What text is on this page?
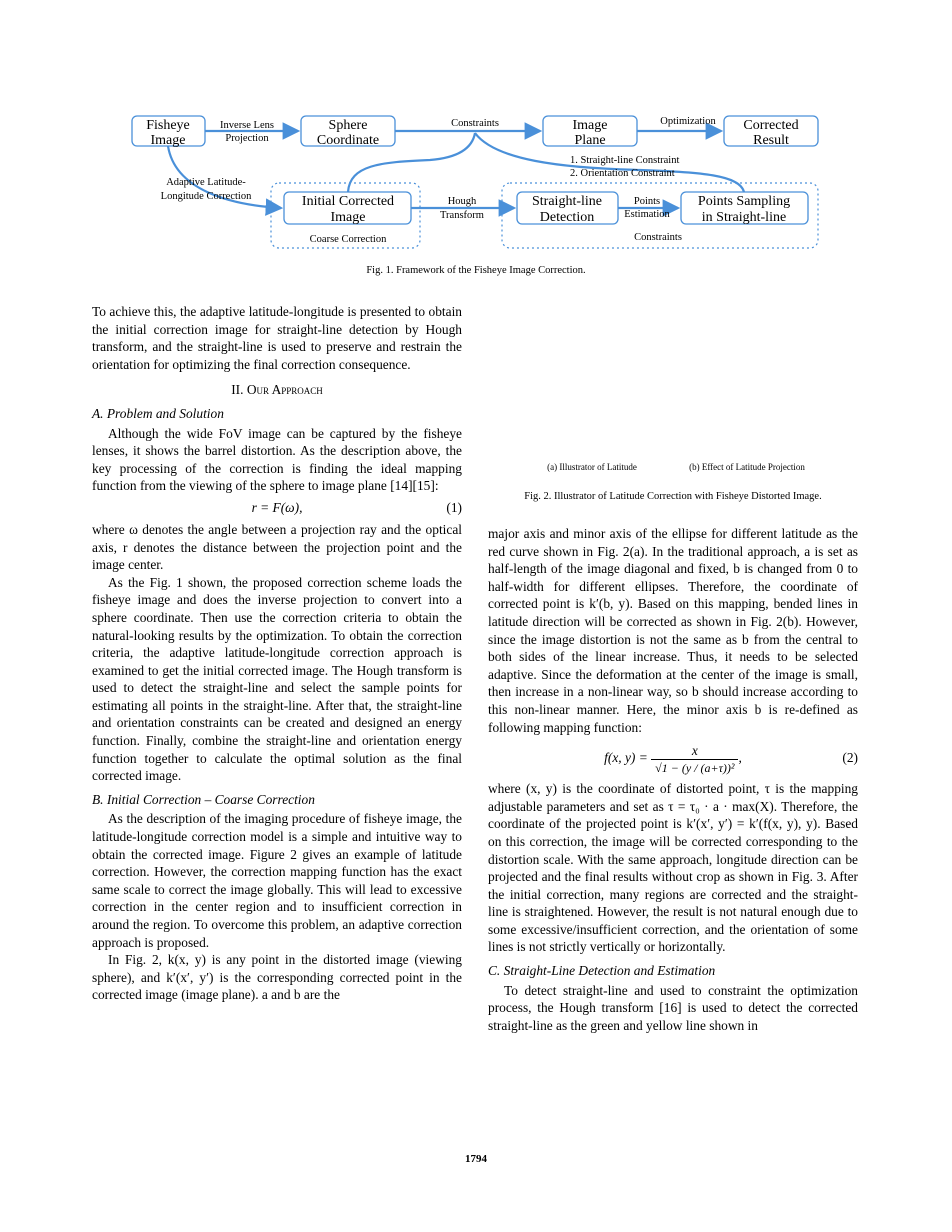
Fisheye
Image
Sphere
Coordinate
Image
Plane
Corrected
Result
Initial Corrected
Image
Straight-line
Detection
Points Sampling
in Straight-line
Inverse Lens
Projection
Constraints	Optimization
1. Straight-line Constraint
2. Orientation Constraint
Adaptive Latitude-
Longitude Correction	Hough
Transform
Points
Estimation
Coarse Correction	Constraints
Fig. 1. Framework of the Fisheye Image Correction.
(a) Illustrator of Latitude	(b) Effect of Latitude Projection
Fig. 2. Illustrator of Latitude Correction with Fisheye Distorted Image.

To achieve this, the adaptive latitude-longitude is presented to obtain the initial correction image for straight-line detection by Hough transform, and the straight-line is used to preserve and restrain the orientation for optimizing the final correction consequence.

II. Our Approach

A. Problem and Solution

Although the wide FoV image can be captured by the fisheye lenses, it shows the barrel distortion. As the description above, the key processing of the correction is finding the ideal mapping function from the viewing of the sphere to image plane [14][15]:

r = F(ω),	(1)

where ω denotes the angle between a projection ray and the optical axis, r denotes the distance between the projection point and the image center.

As the Fig. 1 shown, the proposed correction scheme loads the fisheye image and does the inverse projection to convert into a sphere coordinate. Then use the correction criteria to obtain the natural-looking results by the optimization. To obtain the correction criteria, the adaptive latitude-longitude correction approach is examined to get the initial corrected image. The Hough transform is used to detect the straight-line and select the sample points for estimating all points in the straight-line. After that, the straight-line and orientation constraints can be created and designed an energy function. Finally, combine the straight-line and orientation energy function together to calculate the optimal solution as the final corrected image.

B. Initial Correction – Coarse Correction

As the description of the imaging procedure of fisheye image, the latitude-longitude correction model is a simple and intuitive way to obtain the corrected image. Figure 2 gives an example of latitude correction. However, the correction mapping function has the exact same scale to correct the image globally. This will lead to excessive correction in the center region and to insufficient correction in around the region. To overcome this problem, an adaptive correction approach is proposed.

In Fig. 2, k(x, y) is any point in the distorted image (viewing sphere), and k′(x′, y′) is the corresponding corrected point in the corrected image (image plane). a and b are the

major axis and minor axis of the ellipse for different latitude as the red curve shown in Fig. 2(a). In the traditional approach, a is set as half-length of the image diagonal and fixed, b is changed from 0 to half-width for different ellipses. Therefore, the coordinate of corrected point is k′(b, y). Based on this mapping, bended lines in latitude direction will be corrected as shown in Fig. 2(b). However, since the image distortion is not the same as b from the central to both sides of the linear increase. Thus, it needs to be selected adaptive. Since the deformation at the center of the image is small, then increase in a non-linear way, so b should increase according to this non-linear manner. Here, the minor axis b is re-defined as following mapping function:

f(x, $y) = \frac{x}{\text{√1 − (y / (a+τ))²}}$ ,	(2)

where (x, y) is the coordinate of distorted point, τ is the mapping adjustable parameters and set as τ = τ₀ · a · max(X). Therefore, the coordinate of the projected point is k′(x′, y′) = k′(f(x, y), y). Based on this correction, the image will be corrected corresponding to the distortion scale. With the same approach, longitude direction can be projected and the final results without crop as shown in Fig. 3. After the initial correction, many regions are corrected and the straight-line is straightened. However, the result is not natural enough due to some excessive/insufficient correction, and the orientation of some lines is not strictly vertically or horizontally.

C. Straight-Line Detection and Estimation

To detect straight-line and used to constraint the optimization process, the Hough transform [16] is used to detect the corrected straight-line as the green and yellow line shown in

1794
